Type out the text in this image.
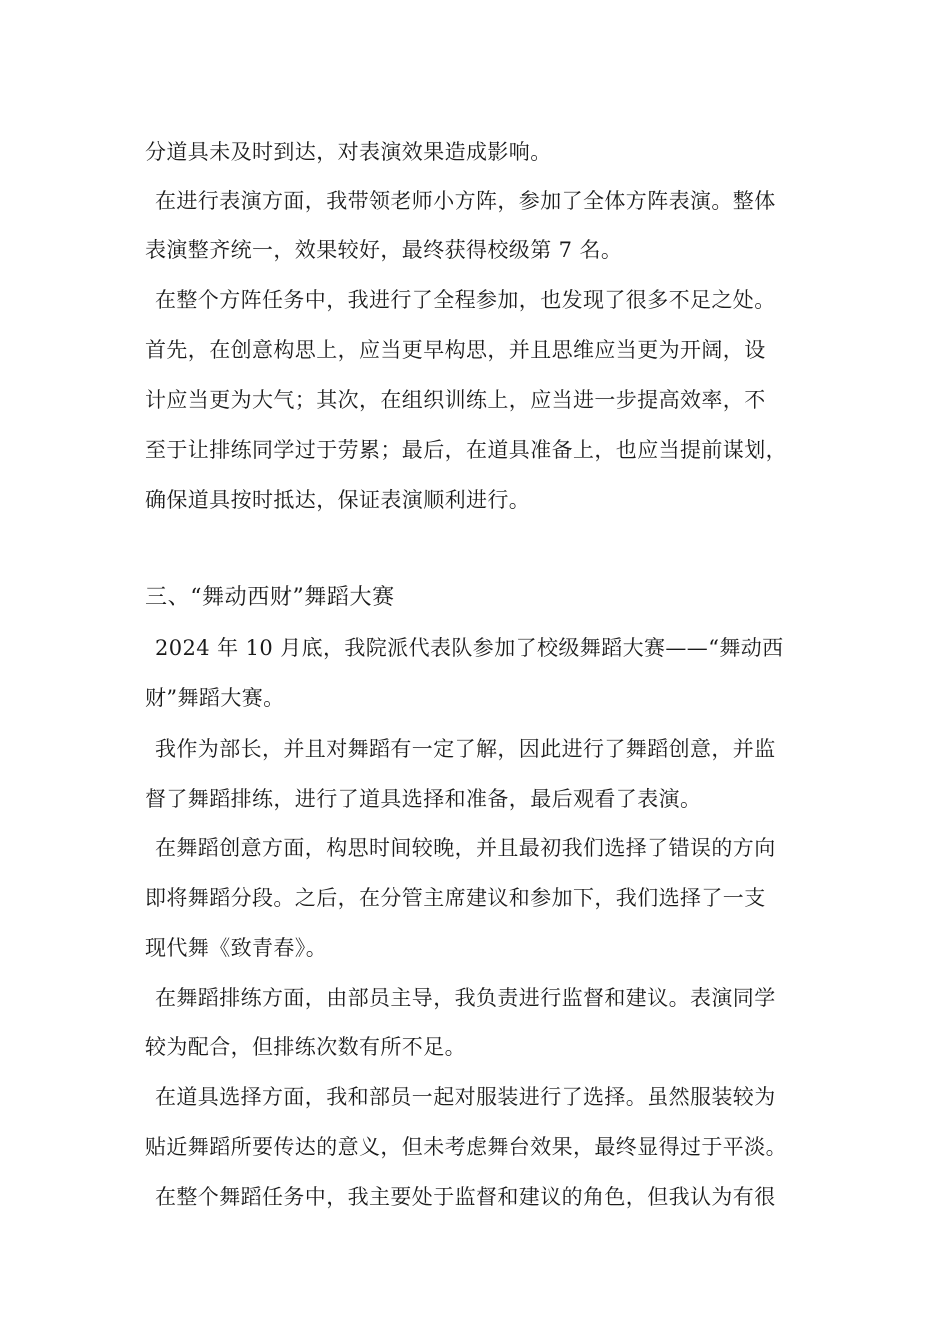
分道具未及时到达，对表演效果造成影响。
在进行表演方面，我带领老师小方阵，参加了全体方阵表演。整体
表演整齐统一，效果较好，最终获得校级第 7 名。
在整个方阵任务中，我进行了全程参加，也发现了很多不足之处。
首先，在创意构思上，应当更早构思，并且思维应当更为开阔，设
计应当更为大气；其次，在组织训练上，应当进一步提高效率，不
至于让排练同学过于劳累；最后，在道具准备上，也应当提前谋划，
确保道具按时抵达，保证表演顺利进行。
三、“舞动西财”舞蹈大赛
2024 年 10 月底，我院派代表队参加了校级舞蹈大赛——“舞动西
财”舞蹈大赛。
我作为部长，并且对舞蹈有一定了解，因此进行了舞蹈创意，并监
督了舞蹈排练，进行了道具选择和准备，最后观看了表演。
在舞蹈创意方面，构思时间较晚，并且最初我们选择了错误的方向
即将舞蹈分段。之后，在分管主席建议和参加下，我们选择了一支
现代舞《致青春》。
在舞蹈排练方面，由部员主导，我负责进行监督和建议。表演同学
较为配合，但排练次数有所不足。
在道具选择方面，我和部员一起对服装进行了选择。虽然服装较为
贴近舞蹈所要传达的意义，但未考虑舞台效果，最终显得过于平淡。
在整个舞蹈任务中，我主要处于监督和建议的角色，但我认为有很
